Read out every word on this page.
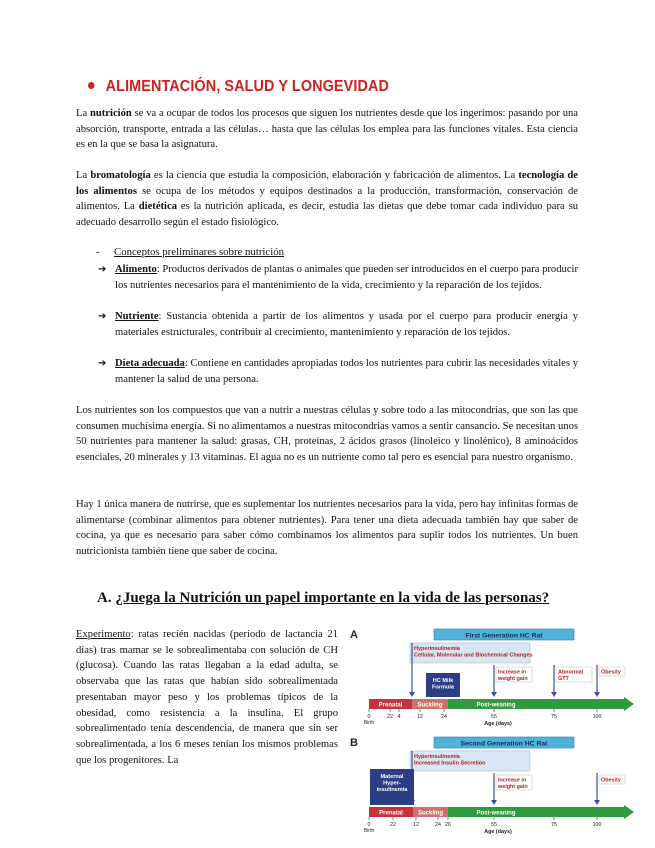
ALIMENTACIÓN, SALUD Y LONGEVIDAD

La nutrición se va a ocupar de todos los procesos que siguen los nutrientes desde que los ingerimos: pasando por una absorción, transporte, entrada a las células… hasta que las células los emplea para las funciones vitales. Esta ciencia es en la que se basa la asignatura.

La bromatología es la ciencia que estudia la composición, elaboración y fabricación de alimentos. La tecnología de los alimentos se ocupa de los métodos y equipos destinados a la producción, transformación, conservación de alimentos. La dietética es la nutrición aplicada, es decir, estudia las dietas que debe tomar cada individuo para su adecuado desarrollo según el estado fisiológico.

- Conceptos preliminares sobre nutrición
➔ Alimento: Productos derivados de plantas o animales que pueden ser introducidos en el cuerpo para producir los nutrientes necesarios para el mantenimiento de la vida, crecimiento y la reparación de los tejidos.
➔ Nutriente: Sustancia obtenida a partir de los alimentos y usada por el cuerpo para producir energía y materiales estructurales, contribuir al crecimiento, mantenimiento y reparación de los tejidos.
➔ Dieta adecuada: Contiene en cantidades apropiadas todos los nutrientes para cubrir las necesidades vitales y mantener la salud de una persona.

Los nutrientes son los compuestos que van a nutrir a nuestras células y sobre todo a las mitocondrias, que son las que consumen muchísima energía. Si no alimentamos a nuestras mitocondrias vamos a sentir cansancio. Se necesitan unos 50 nutrientes para mantener la salud: grasas, CH, proteínas, 2 ácidos grasos (linoleico y linolénico), 8 aminoácidos esenciales, 20 minerales y 13 vitaminas. El agua no es un nutriente como tal pero es esencial para nuestro organismo.

Hay 1 única manera de nutrirse, que es suplementar los nutrientes necesarios para la vida, pero hay infinitas formas de alimentarse (combinar alimentos para obtener nutrientes). Para tener una dieta adecuada también hay que saber de cocina, ya que es necesario para saber cómo combinamos los alimentos para suplir todos los nutrientes. Un buen nutricionista también tiene que saber de cocina.

A. ¿Juega la Nutrición un papel importante en la vida de las personas?

Experimento: ratas recién nacidas (periodo de lactancia 21 días) tras mamar se le sobrealimentaba con solución de CH (glucosa). Cuando las ratas llegaban a la edad adulta, se observaba que las ratas que habían sido sobrealimentada presentaban mayor peso y los problemas típicos de la obesidad, como resistencia a la insulina. El grupo sobrealimentado tenía descendencia, de manera que sin ser sobrealimentada, a los 6 meses tenían los mismos problemas que los progenitores. La

A	First Generation HC Rat
Hyperinsulinemia Cellular, Molecular and Biochemical Changes
HC Milk Formula
Increase in weight gain
Abnormal GTT
Obesity
Prenatal	Suckling	Post-weaning
0	22 4	12	24	55	75	100
Birth	Age (days)
B	Second Generation HC Rat
Hyperinsulinemia Increased Insulin Secretion
Maternal Hyper-insulinemia
Increase in weight gain
Obesity
Prenatal	Suckling	Post-weaning
0	22	12	24 26	55	75	100
Birth	Age (days)
